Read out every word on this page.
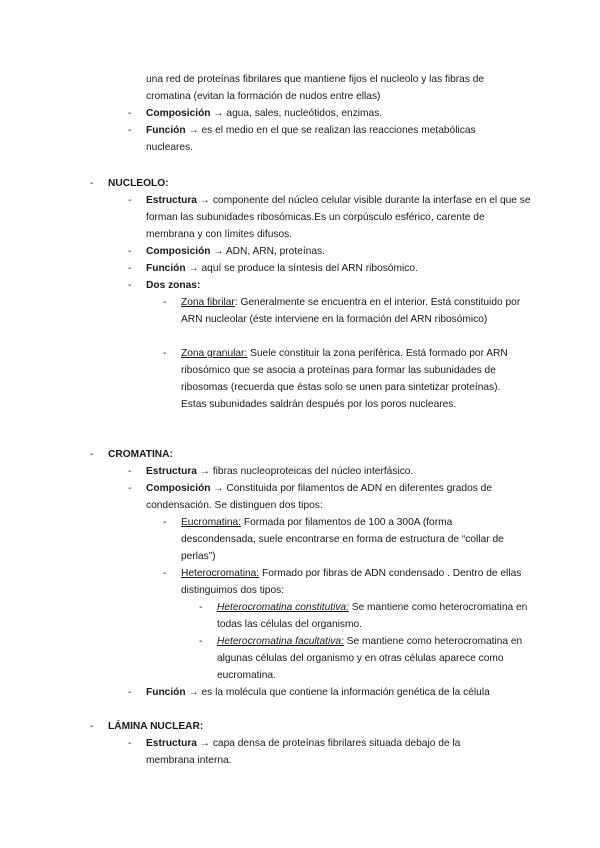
una red de proteínas fibrilares que mantiene fijos el nucleolo y las fibras de cromatina (evitan la formación de nudos entre ellas)
- Composición → agua, sales, nucleótidos, enzimas.
- Función → es el medio en el que se realizan las reacciones metabólicas nucleares.
- NUCLEOLO:
- Estructura → componente del núcleo celular visible durante la interfase en el que se forman las subunidades ribosómicas.Es un corpúsculo esférico, carente de membrana y con límites difusos.
- Composición → ADN, ARN, proteínas.
- Función → aquí se produce la síntesis del ARN ribosómico.
- Dos zonas:
- Zona fibrilar: Generalmente se encuentra en el interior. Está constituido por ARN nucleolar (éste interviene en la formación del ARN ribosómico)
- Zona granular: Suele constituir la zona periférica. Está formado por ARN ribosómico que se asocia a proteínas para formar las subunidades de ribosomas (recuerda que éstas solo se unen para sintetizar proteínas). Estas subunidades saldrán después por los poros nucleares.
- CROMATINA:
- Estructura → fibras nucleoproteicas del núcleo interfásico.
- Composición → Constituida por filamentos de ADN en diferentes grados de condensación. Se distinguen dos tipos:
- Eucromatina: Formada por filamentos de 100 a 300A (forma descondensada, suele encontrarse en forma de estructura de “collar de perlas”)
- Heterocromatina: Formado por fibras de ADN condensado . Dentro de ellas distinguimos dos tipos:
- Heterocromatina constitutiva: Se mantiene como heterocromatina en todas las células del organismo.
- Heterocromatina facultativa: Se mantiene como heterocromatina en algunas células del organismo y en otras células aparece como eucromatina.
- Función → es la molécula que contiene la información genética de la célula
- LÁMINA NUCLEAR:
- Estructura → capa densa de proteínas fibrilares situada debajo de la membrana interna.
